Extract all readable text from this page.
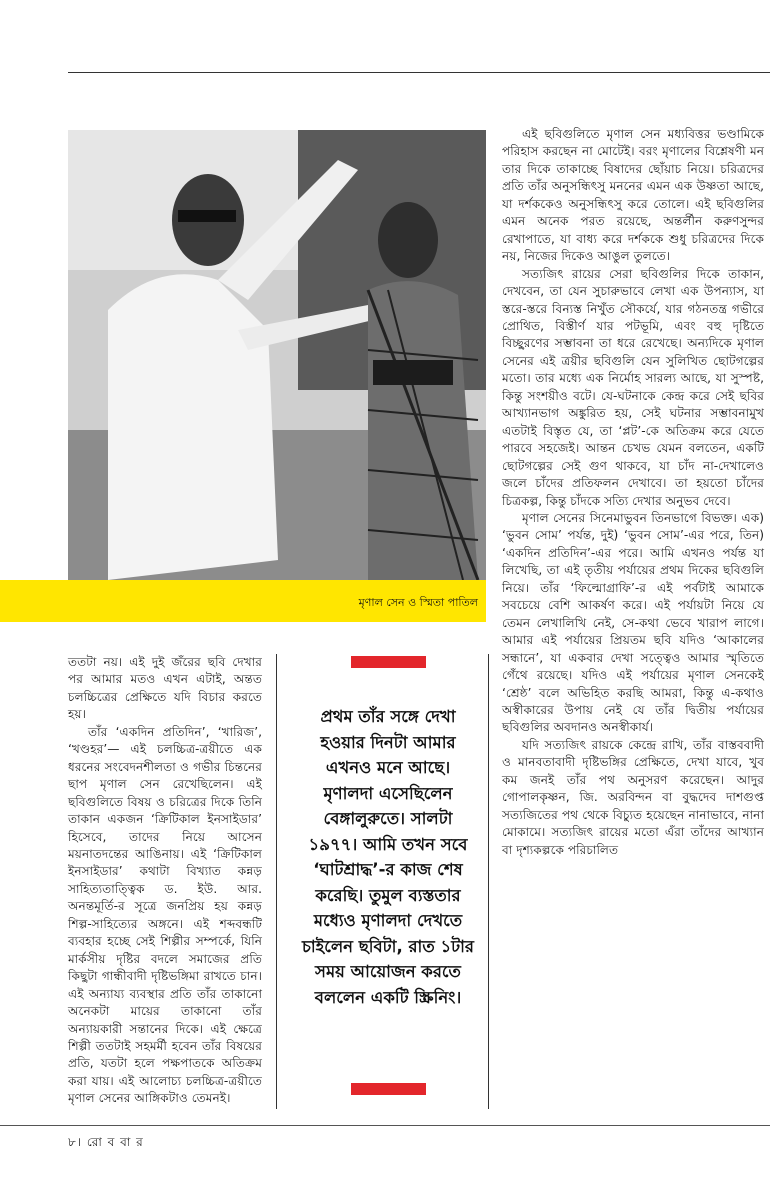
মৃণাল সেন ও স্মিতা পাতিল

এই ছবিগুলিতে মৃণাল সেন মধ্যবিত্তর ভণ্ডামিকে পরিহাস করছেন না মোটেই। বরং মৃণালের বিশ্লেষণী মন তার দিকে তাকাচ্ছে বিষাদের ছোঁয়াচ নিয়ে। চরিত্রদের প্রতি তাঁর অনুসন্ধিৎসু মননের এমন এক উষ্ণতা আছে, যা দর্শককেও অনুসন্ধিৎসু করে তোলে। এই ছবিগুলির এমন অনেক পরত রয়েছে, অন্তর্লীন করুণসুন্দর রেখাপাতে, যা বাধ্য করে দর্শককে শুধু চরিত্রদের দিকে নয়, নিজের দিকেও আঙুল তুলতে।

সত্যজিৎ রায়ের সেরা ছবিগুলির দিকে তাকান, দেখবেন, তা যেন সুচারুভাবে লেখা এক উপন্যাস, যা স্তরে-স্তরে বিন্যস্ত নিখুঁত সৌকর্যে, যার গঠনতন্ত্র গভীরে প্রোথিত, বিস্তীর্ণ যার পটভূমি, এবং বহু দৃষ্টিতে বিচ্ছুরণের সম্ভাবনা তা ধরে রেখেছে। অন্যদিকে মৃণাল সেনের এই ত্রয়ীর ছবিগুলি যেন সুলিখিত ছোটগল্পের মতো। তার মধ্যে এক নির্মোহ সারল্য আছে, যা সুস্পষ্ট, কিন্তু সংশয়ীও বটে। যে-ঘটনাকে কেন্দ্র করে সেই ছবির আখ্যানভাগ অঙ্কুরিত হয়, সেই ঘটনার সম্ভাবনামুখ এতটাই বিস্তৃত যে, তা ‘প্লট’-কে অতিক্রম করে যেতে পারবে সহজেই। আন্তন চেখভ যেমন বলতেন, একটি ছোটগল্পের সেই গুণ থাকবে, যা চাঁদ না-দেখালেও জলে চাঁদের প্রতিফলন দেখাবে। তা হয়তো চাঁদের চিত্রকল্প, কিন্তু চাঁদকে সত্যি দেখার অনুভব দেবে।

মৃণাল সেনের সিনেমাভুবন তিনভাগে বিভক্ত। এক) ‘ভুবন সোম’ পর্যন্ত, দুই) ‘ভুবন সোম’-এর পরে, তিন) ‘একদিন প্রতিদিন’-এর পরে। আমি এখনও পর্যন্ত যা লিখেছি, তা এই তৃতীয় পর্যায়ের প্রথম দিকের ছবিগুলি নিয়ে। তাঁর ‘ফিল্মোগ্রাফি’-র এই পর্বটাই আমাকে সবচেয়ে বেশি আকর্ষণ করে। এই পর্যায়টা নিয়ে যে তেমন লেখালিখি নেই, সে-কথা ভেবে খারাপ লাগে। আমার এই পর্যায়ের প্রিয়তম ছবি যদিও ‘আকালের সন্ধানে’, যা একবার দেখা সত্ত্বেও আমার স্মৃতিতে গেঁথে রয়েছে। যদিও এই পর্যায়ের মৃণাল সেনকেই ‘শ্রেষ্ঠ’ বলে অভিহিত করছি আমরা, কিন্তু এ-কথাও অস্বীকারের উপায় নেই যে তাঁর দ্বিতীয় পর্যায়ের ছবিগুলির অবদানও অনস্বীকার্য।

যদি সত্যজিৎ রায়কে কেন্দ্রে রাখি, তাঁর বাস্তববাদী ও মানবতাবাদী দৃষ্টিভঙ্গির প্রেক্ষিতে, দেখা যাবে, খুব কম জনই তাঁর পথ অনুসরণ করেছেন। আদুর গোপালকৃষ্ণন, জি. অরবিন্দন বা বুদ্ধদেব দাশগুপ্ত সত্যজিতের পথ থেকে বিচ্যুত হয়েছেন নানাভাবে, নানা মোকামে। সত্যজিৎ রায়ের মতো এঁরা তাঁদের আখ্যান বা দৃশ্যকল্পকে পরিচালিত

ততটা নয়। এই দুই জঁরের ছবি দেখার পর আমার মতও এখন এটাই, অন্তত চলচ্চিত্রের প্রেক্ষিতে যদি বিচার করতে হয়।

তাঁর ‘একদিন প্রতিদিন’, ‘খারিজ’, ‘খণ্ডহর’— এই চলচ্চিত্র-ত্রয়ীতে এক ধরনের সংবেদনশীলতা ও গভীর চিন্তনের ছাপ মৃণাল সেন রেখেছিলেন। এই ছবিগুলিতে বিষয় ও চরিত্রের দিকে তিনি তাকান একজন ‘ক্রিটিকাল ইনসাইডার’ হিসেবে, তাদের নিয়ে আসেন ময়নাতদন্তের আঙিনায়। এই ‘ক্রিটিকাল ইনসাইডার’ কথাটা বিখ্যাত কন্নড় সাহিত্যতাত্ত্বিক ড. ইউ. আর. অনন্তমূর্তি-র সূত্রে জনপ্রিয় হয় কন্নড় শিল্প-সাহিত্যের অঙ্গনে। এই শব্দবন্ধটি ব্যবহার হচ্ছে সেই শিল্পীর সম্পর্কে, যিনি মার্কসীয় দৃষ্টির বদলে সমাজের প্রতি কিছুটা গান্ধীবাদী দৃষ্টিভঙ্গিমা রাখতে চান। এই অন্যায্য ব্যবস্থার প্রতি তাঁর তাকানো অনেকটা মায়ের তাকানো তাঁর অন্যায়কারী সন্তানের দিকে। এই ক্ষেত্রে শিল্পী ততটাই সহমর্মী হবেন তাঁর বিষয়ের প্রতি, যতটা হলে পক্ষপাতকে অতিক্রম করা যায়। এই আলোচ্য চলচ্চিত্র-ত্রয়ীতে মৃণাল সেনের আঙ্গিকটাও তেমনই।

প্রথম তাঁর সঙ্গে দেখা হওয়ার দিনটা আমার এখনও মনে আছে। মৃণালদা এসেছিলেন বেঙ্গালুরুতে। সালটা ১৯৭৭। আমি তখন সবে ‘ঘাটশ্রাদ্ধ’-র কাজ শেষ করেছি। তুমুল ব্যস্ততার মধ্যেও মৃণালদা দেখতে চাইলেন ছবিটা, রাত ১টার সময় আয়োজন করতে বললেন একটি স্ক্রিনিং।
৮। রো ব বা র
